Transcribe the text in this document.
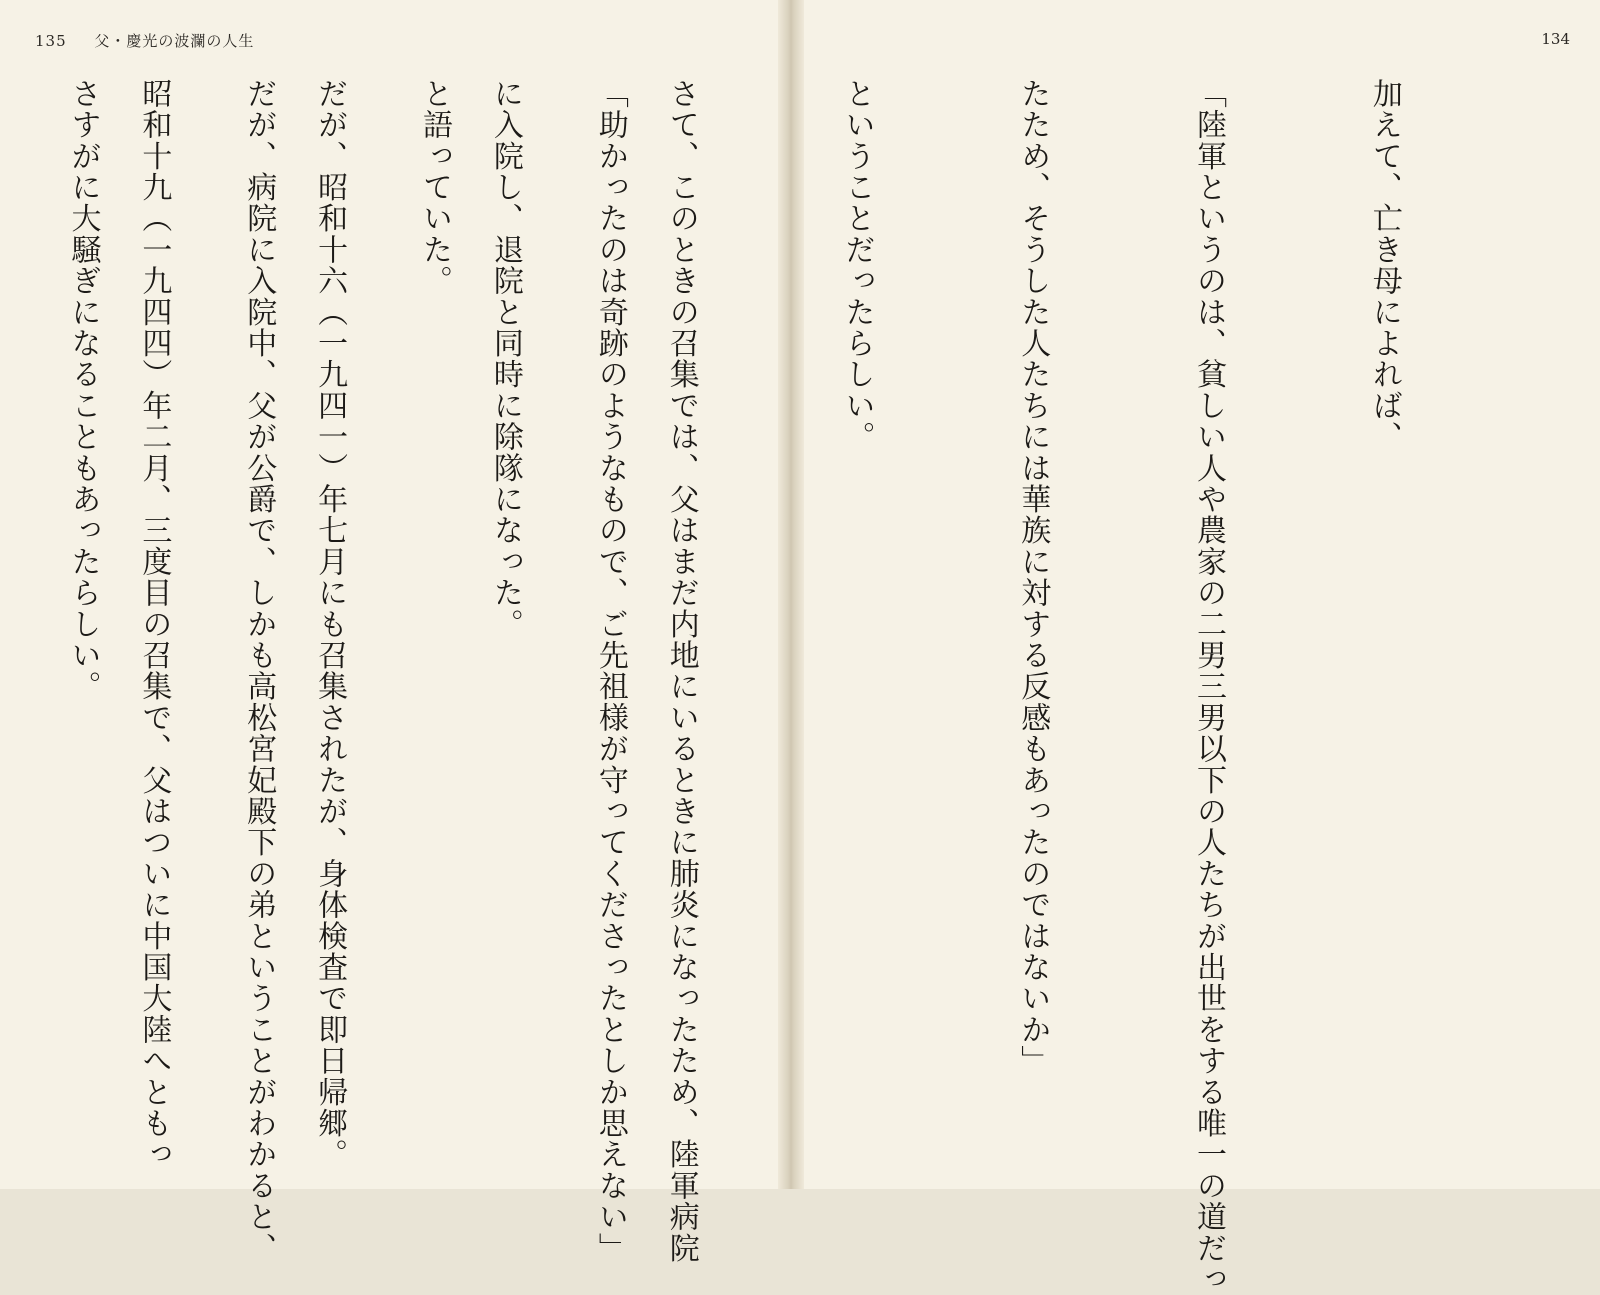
135 父・慶光の波瀾の人生

「助かったのは奇跡のようなもので、ご先祖様が守ってくださったとしか思えない」

と語っていた。

だが、病院に入院中、父が公爵で、しかも高松宮妃殿下の弟ということがわかると、

さすがに大騒ぎになることもあったらしい。

134

加えて、亡き母によれば、

「陸軍というのは、貧しい人や農家の二男三男以下の人たちが出世をする唯一の道だっ

たため、そうした人たちには華族に対する反感もあったのではないか」

ということだったらしい。

さて、このときの召集では、父はまだ内地にいるときに肺炎になったため、陸軍病院

に入院し、退院と同時に除隊になった。

だが、昭和十六（一九四一）年七月にも召集されたが、身体検査で即日帰郷。

昭和十九（一九四四）年二月、三度目の召集で、父はついに中国大陸へともっ
